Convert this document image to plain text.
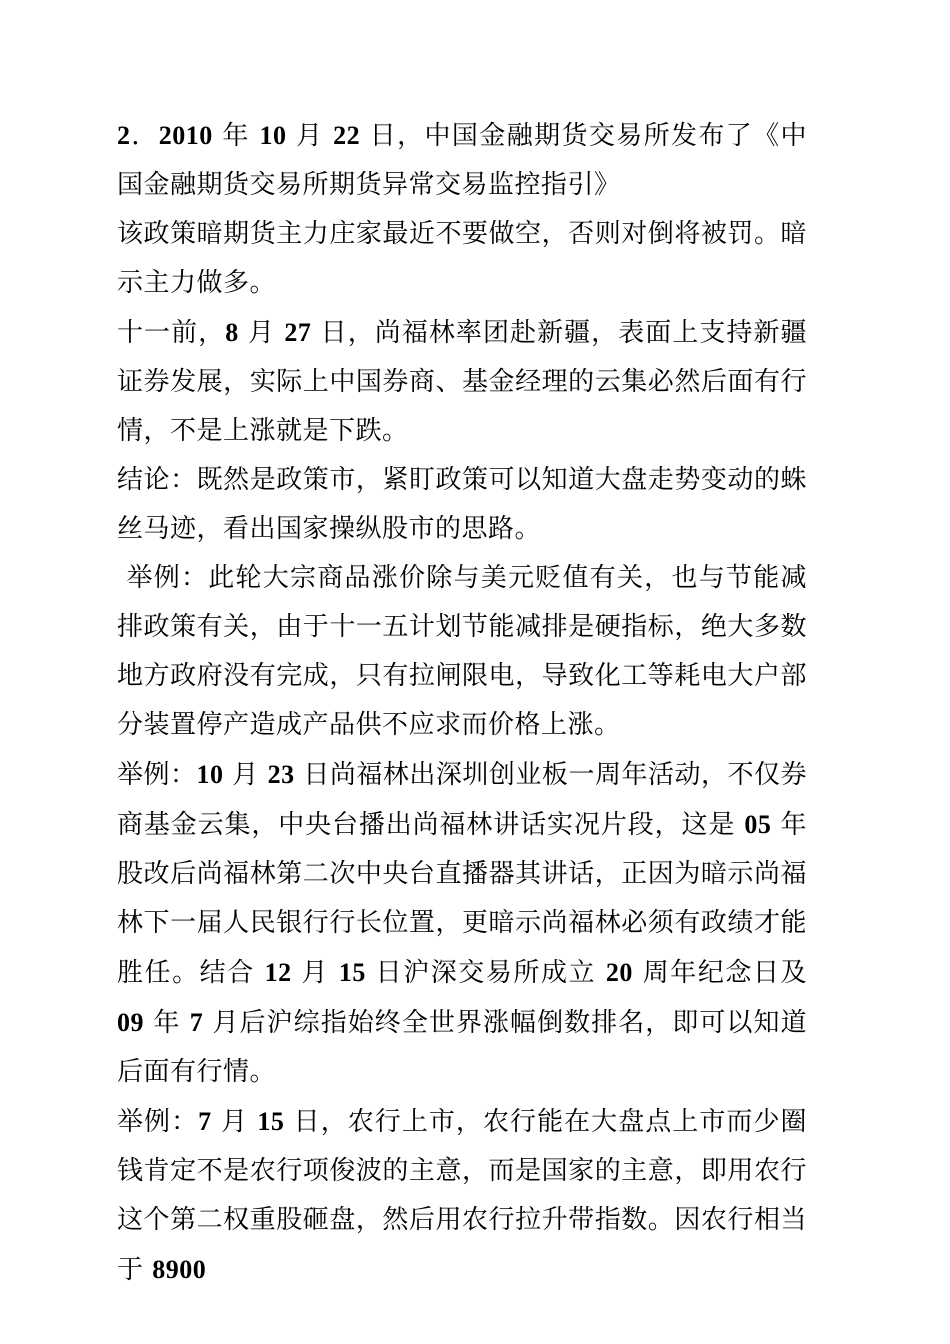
2．2010 年 10 月 22 日，中国金融期货交易所发布了《中国金融期货交易所期货异常交易监控指引》

该政策暗期货主力庄家最近不要做空，否则对倒将被罚。暗示主力做多。

十一前，8 月 27 日，尚福林率团赴新疆，表面上支持新疆证券发展，实际上中国券商、基金经理的云集必然后面有行情，不是上涨就是下跌。

结论：既然是政策市，紧盯政策可以知道大盘走势变动的蛛丝马迹，看出国家操纵股市的思路。

举例：此轮大宗商品涨价除与美元贬值有关，也与节能减排政策有关，由于十一五计划节能减排是硬指标，绝大多数地方政府没有完成，只有拉闸限电，导致化工等耗电大户部分装置停产造成产品供不应求而价格上涨。

举例：10 月 23 日尚福林出深圳创业板一周年活动，不仅券商基金云集，中央台播出尚福林讲话实况片段，这是 05 年股改后尚福林第二次中央台直播器其讲话，正因为暗示尚福林下一届人民银行行长位置，更暗示尚福林必须有政绩才能胜任。结合 12 月 15 日沪深交易所成立 20 周年纪念日及 09 年 7 月后沪综指始终全世界涨幅倒数排名，即可以知道后面有行情。

举例：7 月 15 日，农行上市，农行能在大盘点上市而少圈钱肯定不是农行项俊波的主意，而是国家的主意，即用农行这个第二权重股砸盘，然后用农行拉升带指数。因农行相当于 8900
